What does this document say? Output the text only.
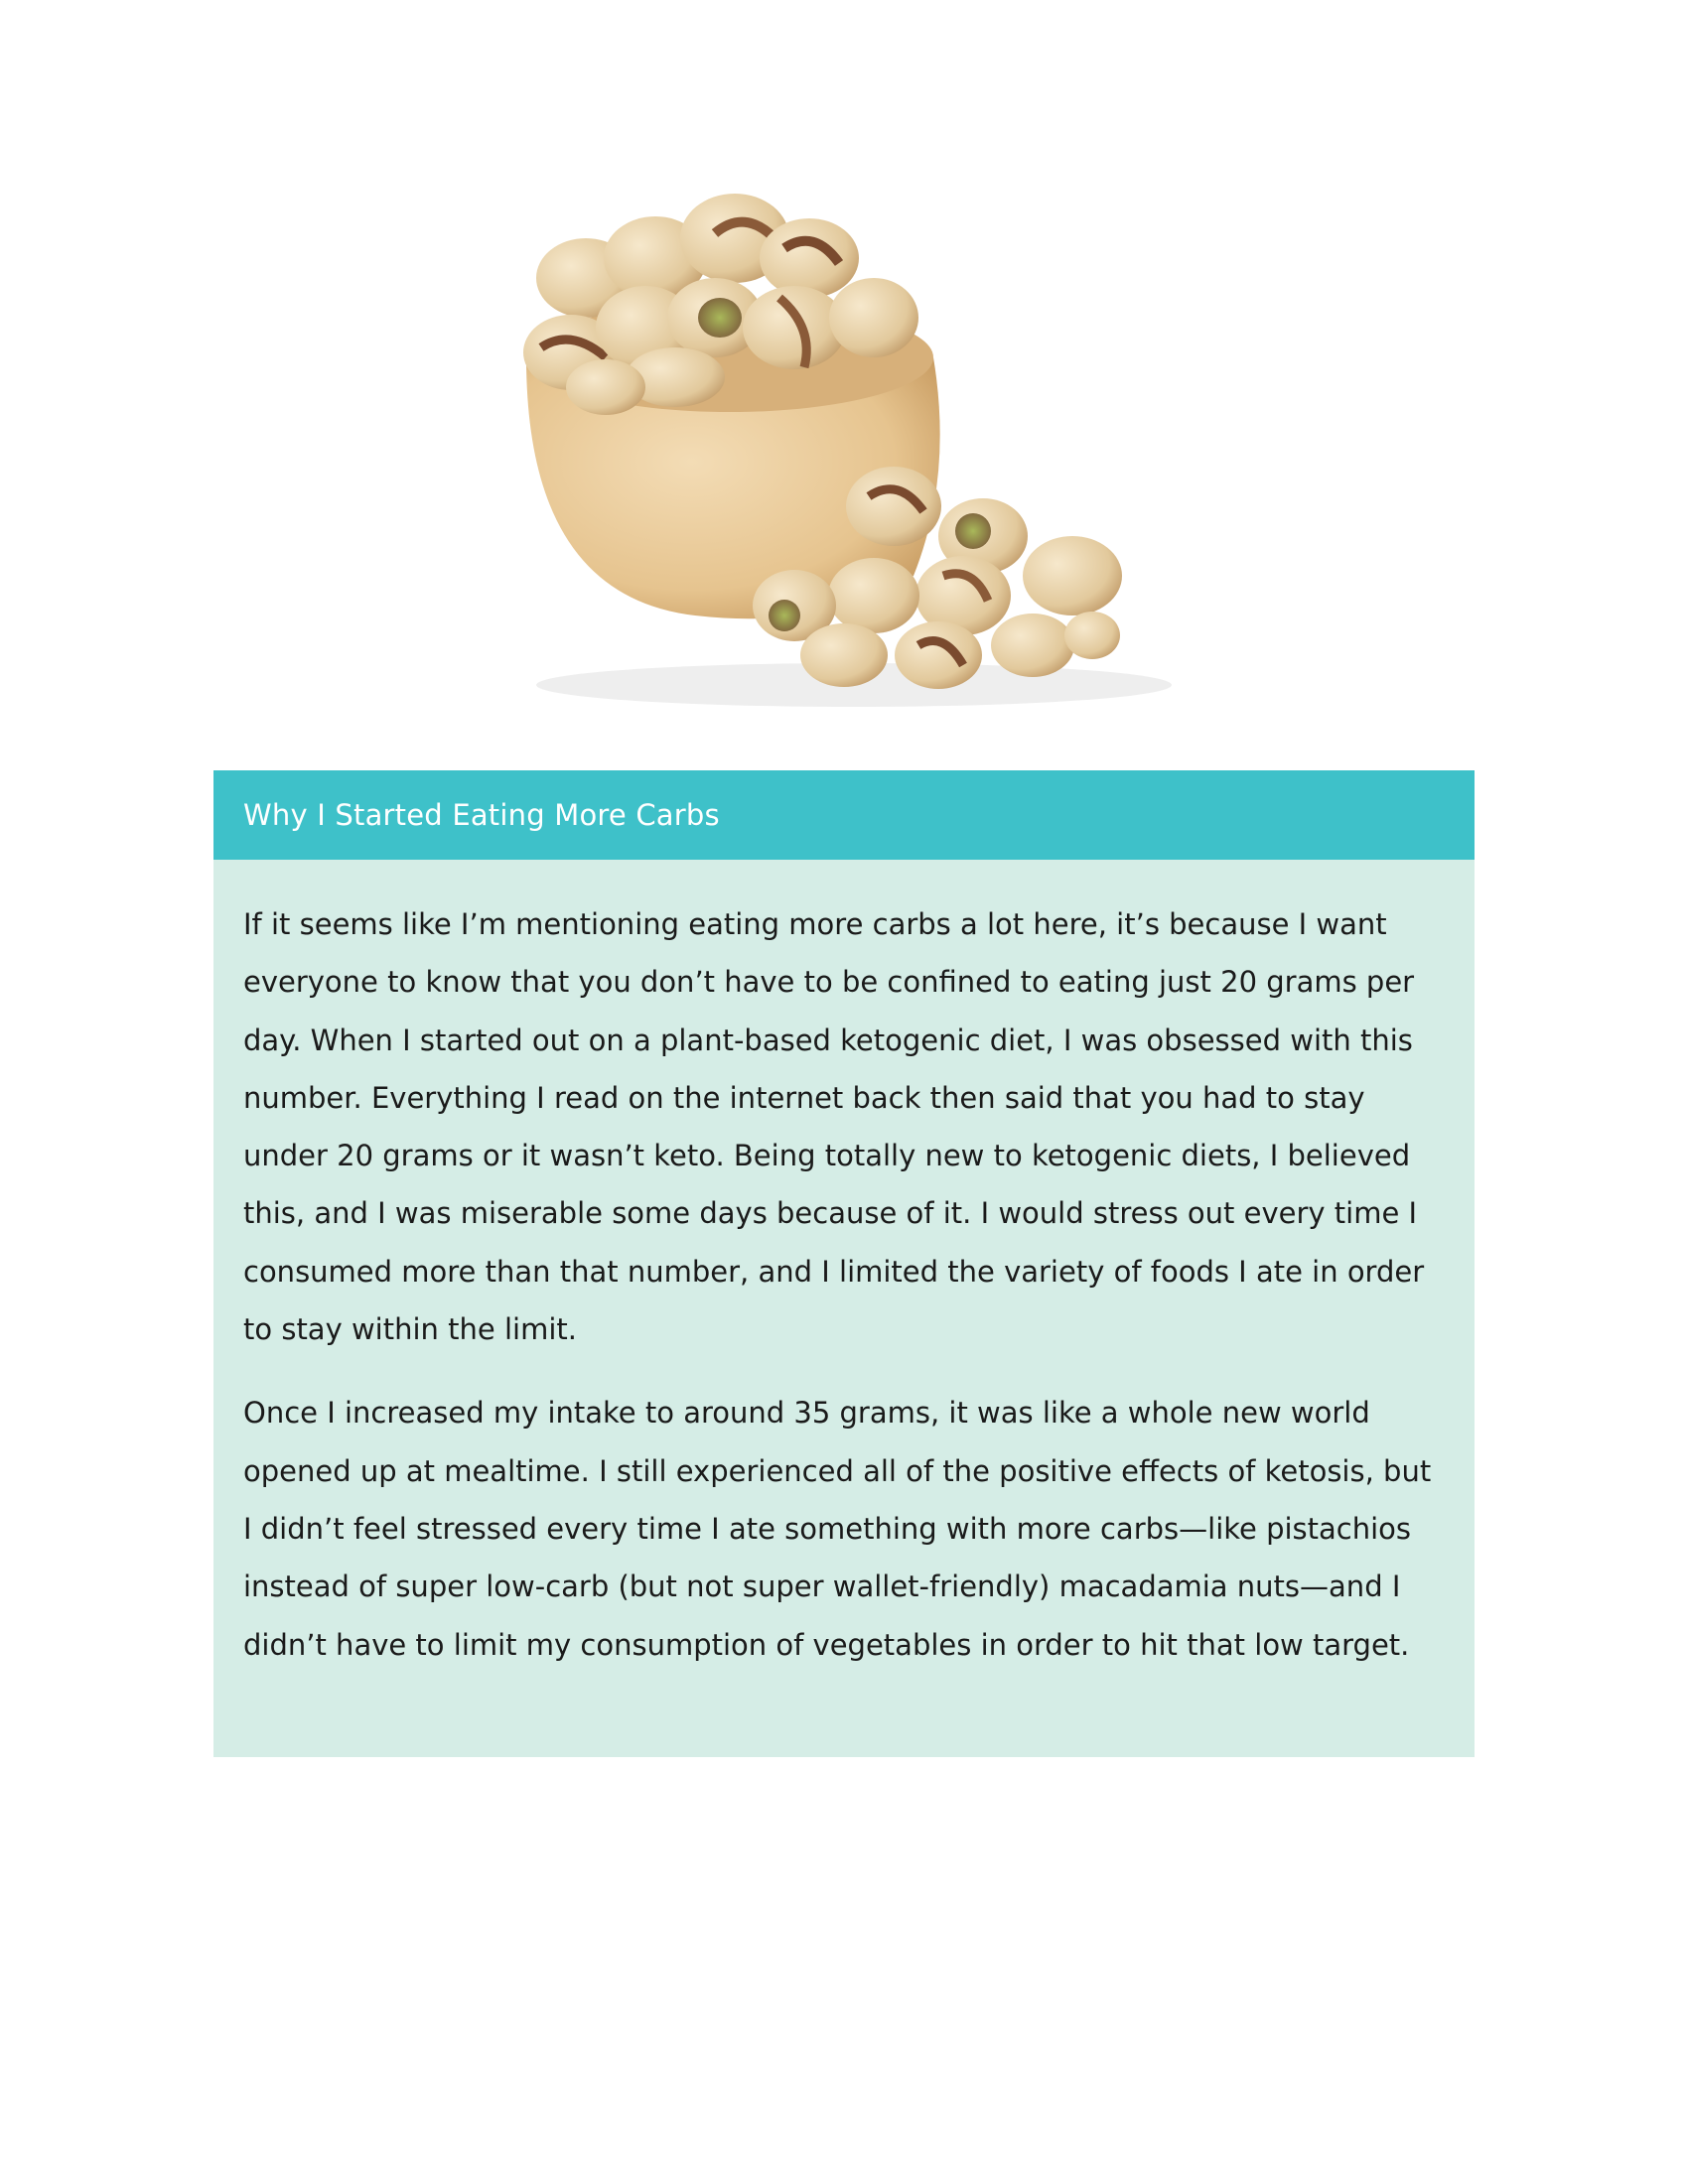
Why I Started Eating More Carbs

If it seems like I’m mentioning eating more carbs a lot here, it’s because I want everyone to know that you don’t have to be confined to eating just 20 grams per day. When I started out on a plant-based ketogenic diet, I was obsessed with this number. Everything I read on the internet back then said that you had to stay under 20 grams or it wasn’t keto. Being totally new to ketogenic diets, I believed this, and I was miserable some days because of it. I would stress out every time I consumed more than that number, and I limited the variety of foods I ate in order to stay within the limit.

Once I increased my intake to around 35 grams, it was like a whole new world opened up at mealtime. I still experienced all of the positive effects of ketosis, but I didn’t feel stressed every time I ate something with more carbs—like pistachios instead of super low-carb (but not super wallet-friendly) macadamia nuts—and I didn’t have to limit my consumption of vegetables in order to hit that low target.
